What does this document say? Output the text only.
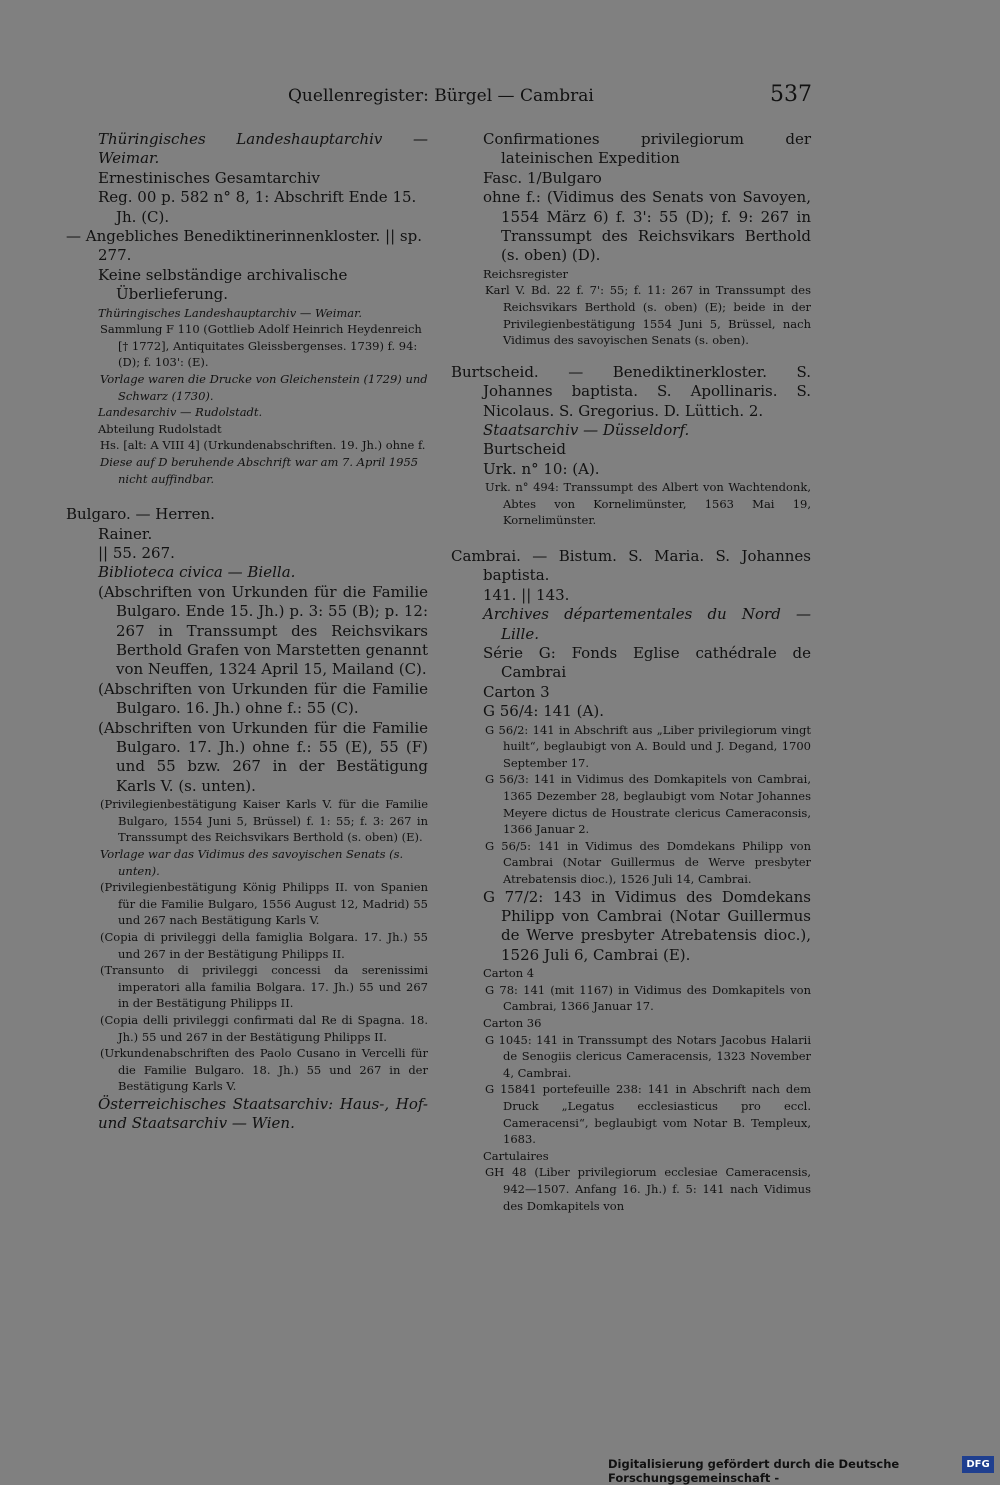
Quellenregister: Bürgel — Cambrai	537
Thüringisches Landeshauptarchiv — Weimar.
Ernestinisches Gesamtarchiv
Reg. 00 p. 582 n° 8, 1: Abschrift Ende 15. Jh. (C).
— Angebliches Benediktinerinnenkloster. || sp. 277.
Keine selbständige archivalische Überlieferung.
Thüringisches Landeshauptarchiv — Weimar.
Sammlung F 110 (Gottlieb Adolf Heinrich Heydenreich [† 1772], Antiquitates Gleissbergenses. 1739) f. 94: (D); f. 103': (E).
Vorlage waren die Drucke von Gleichenstein (1729) und Schwarz (1730).
Landesarchiv — Rudolstadt.
Abteilung Rudolstadt
Hs. [alt: A VIII 4] (Urkundenabschriften. 19. Jh.) ohne f.
Diese auf D beruhende Abschrift war am 7. April 1955 nicht auffindbar.
Bulgaro. — Herren.
Rainer.
|| 55. 267.
Biblioteca civica — Biella.
(Abschriften von Urkunden für die Familie Bulgaro. Ende 15. Jh.) p. 3: 55 (B); p. 12: 267 in Transsumpt des Reichsvikars Berthold Grafen von Marstetten genannt von Neuffen, 1324 April 15, Mailand (C).
(Abschriften von Urkunden für die Familie Bulgaro. 16. Jh.) ohne f.: 55 (C).
(Abschriften von Urkunden für die Familie Bulgaro. 17. Jh.) ohne f.: 55 (E), 55 (F) und 55 bzw. 267 in der Bestätigung Karls V. (s. unten).
(Privilegienbestätigung Kaiser Karls V. für die Familie Bulgaro, 1554 Juni 5, Brüssel) f. 1: 55; f. 3: 267 in Transsumpt des Reichsvikars Berthold (s. oben) (E).
Vorlage war das Vidimus des savoyischen Senats (s. unten).
(Privilegienbestätigung König Philipps II. von Spanien für die Familie Bulgaro, 1556 August 12, Madrid) 55 und 267 nach Bestätigung Karls V.
(Copia di privileggi della famiglia Bolgara. 17. Jh.) 55 und 267 in der Bestätigung Philipps II.
(Transunto di privileggi concessi da serenissimi imperatori alla familia Bolgara. 17. Jh.) 55 und 267 in der Bestätigung Philipps II.
(Copia delli privileggi confirmati dal Re di Spagna. 18. Jh.) 55 und 267 in der Bestätigung Philipps II.
(Urkundenabschriften des Paolo Cusano in Vercelli für die Familie Bulgaro. 18. Jh.) 55 und 267 in der Bestätigung Karls V.
Österreichisches Staatsarchiv: Haus-, Hof- und Staatsarchiv — Wien.
Confirmationes privilegiorum der lateinischen Expedition
Fasc. 1/Bulgaro
ohne f.: (Vidimus des Senats von Savoyen, 1554 März 6) f. 3': 55 (D); f. 9: 267 in Transsumpt des Reichsvikars Berthold (s. oben) (D).
Reichsregister
Karl V. Bd. 22 f. 7': 55; f. 11: 267 in Transsumpt des Reichsvikars Berthold (s. oben) (E); beide in der Privilegienbestätigung 1554 Juni 5, Brüssel, nach Vidimus des savoyischen Senats (s. oben).
Burtscheid. — Benediktinerkloster. S. Johannes baptista. S. Apollinaris. S. Nicolaus. S. Gregorius. D. Lüttich. 2.
Staatsarchiv — Düsseldorf.
Burtscheid
Urk. n° 10: (A).
Urk. n° 494: Transsumpt des Albert von Wachtendonk, Abtes von Kornelimünster, 1563 Mai 19, Kornelimünster.
Cambrai. — Bistum. S. Maria. S. Johannes baptista.
141. || 143.
Archives départementales du Nord — Lille.
Série G: Fonds Eglise cathédrale de Cambrai
Carton 3
G 56/4: 141 (A).
G 56/2: 141 in Abschrift aus „Liber privilegiorum vingt huilt“, beglaubigt von A. Bould und J. Degand, 1700 September 17.
G 56/3: 141 in Vidimus des Domkapitels von Cambrai, 1365 Dezember 28, beglaubigt vom Notar Johannes Meyere dictus de Houstrate clericus Cameraconsis, 1366 Januar 2.
G 56/5: 141 in Vidimus des Domdekans Philipp von Cambrai (Notar Guillermus de Werve presbyter Atrebatensis dioc.), 1526 Juli 14, Cambrai.
G 77/2: 143 in Vidimus des Domdekans Philipp von Cambrai (Notar Guillermus de Werve presbyter Atrebatensis dioc.), 1526 Juli 6, Cambrai (E).
Carton 4
G 78: 141 (mit 1167) in Vidimus des Domkapitels von Cambrai, 1366 Januar 17.
Carton 36
G 1045: 141 in Transsumpt des Notars Jacobus Halarii de Senogiis clericus Cameracensis, 1323 November 4, Cambrai.
G 15841 portefeuille 238: 141 in Abschrift nach dem Druck „Legatus ecclesiasticus pro eccl. Cameracensi“, beglaubigt vom Notar B. Templeux, 1683.
Cartulaires
GH 48 (Liber privilegiorum ecclesiae Cameracensis, 942—1507. Anfang 16. Jh.) f. 5: 141 nach Vidimus des Domkapitels von
Digitalisierung gefördert durch die Deutsche Forschungsgemeinschaft -
DFG
